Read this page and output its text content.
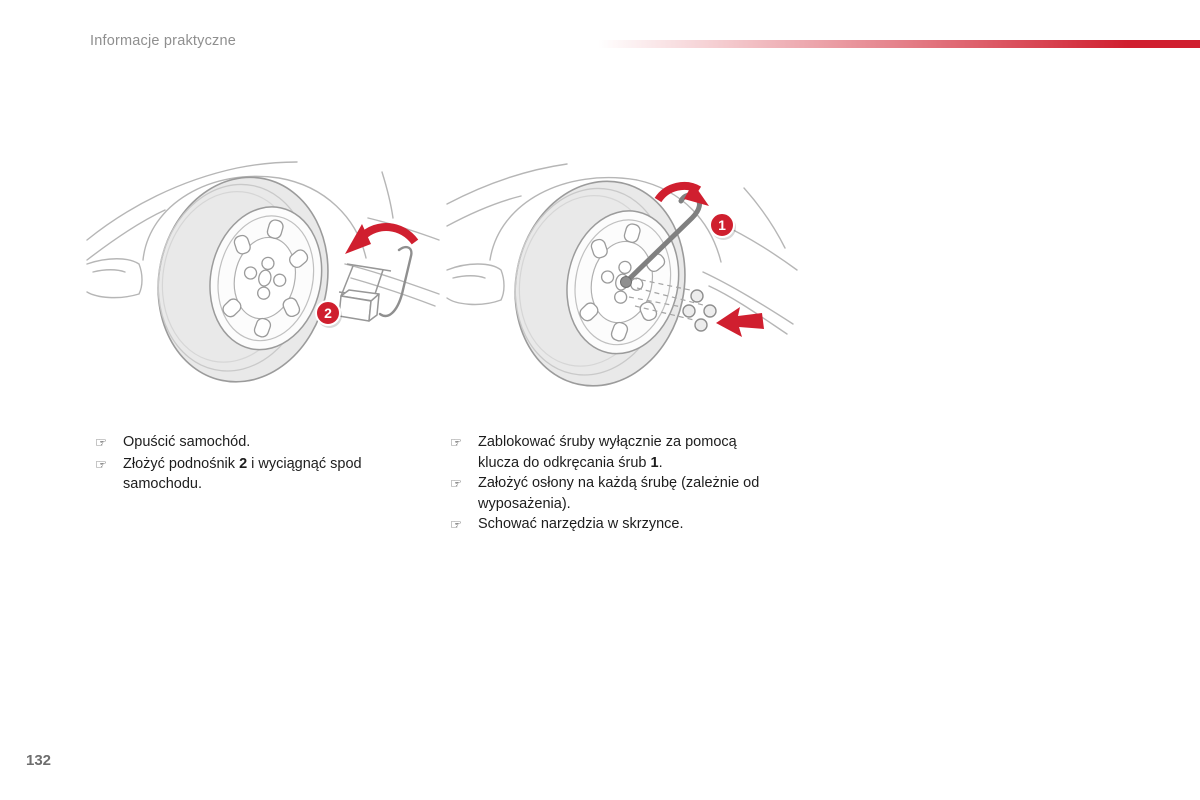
Informacje praktyczne
2
1
☞	Opuścić samochód.
☞	Złożyć podnośnik 2 i wyciągnąć spod samochodu.
☞	Zablokować śruby wyłącznie za pomocą klucza do odkręcania śrub 1.
☞	Założyć osłony na każdą śrubę (zależnie od wyposażenia).
☞	Schować narzędzia w skrzynce.
132
